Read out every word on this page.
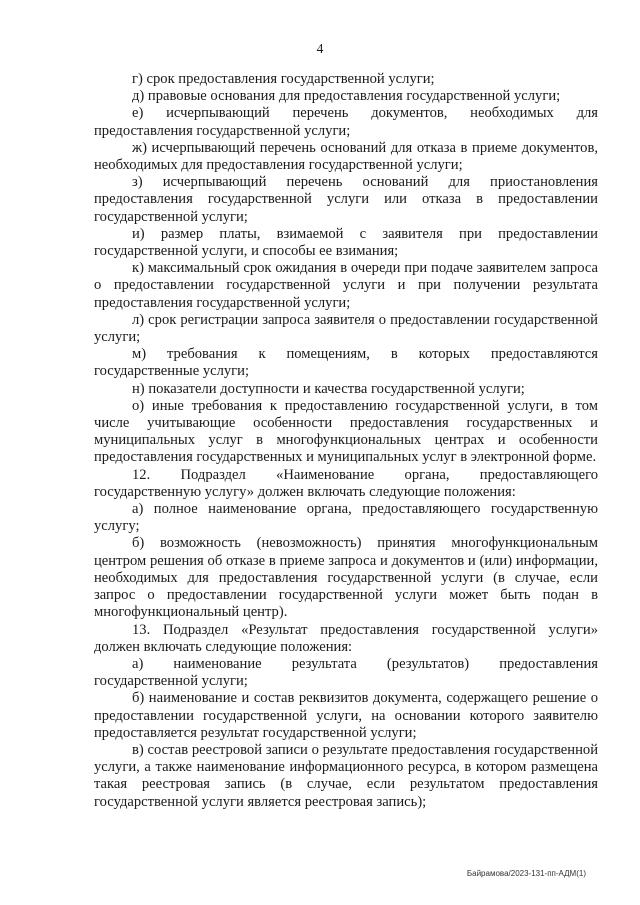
4

г) срок предоставления государственной услуги;

д) правовые основания для предоставления государственной услуги;

е) исчерпывающий перечень документов, необходимых для предоставления государственной услуги;

ж) исчерпывающий перечень оснований для отказа в приеме документов, необходимых для предоставления государственной услуги;

з) исчерпывающий перечень оснований для приостановления предоставления государственной услуги или отказа в предоставлении государственной услуги;

и) размер платы, взимаемой с заявителя при предоставлении государственной услуги, и способы ее взимания;

к) максимальный срок ожидания в очереди при подаче заявителем запроса о предоставлении государственной услуги и при получении результата предоставления государственной услуги;

л) срок регистрации запроса заявителя о предоставлении государственной услуги;

м) требования к помещениям, в которых предоставляются государственные услуги;

н) показатели доступности и качества государственной услуги;

о) иные требования к предоставлению государственной услуги, в том числе учитывающие особенности предоставления государственных и муниципальных услуг в многофункциональных центрах и особенности предоставления государственных и муниципальных услуг в электронной форме.

12. Подраздел «Наименование органа, предоставляющего государственную услугу» должен включать следующие положения:

а) полное наименование органа, предоставляющего государственную услугу;

б) возможность (невозможность) принятия многофункциональным центром решения об отказе в приеме запроса и документов и (или) информации, необходимых для предоставления государственной услуги (в случае, если запрос о предоставлении государственной услуги может быть подан в многофункциональный центр).

13. Подраздел «Результат предоставления государственной услуги» должен включать следующие положения:

а) наименование результата (результатов) предоставления государственной услуги;

б) наименование и состав реквизитов документа, содержащего решение о предоставлении государственной услуги, на основании которого заявителю предоставляется результат государственной услуги;

в) состав реестровой записи о результате предоставления государственной услуги, а также наименование информационного ресурса, в котором размещена такая реестровая запись (в случае, если результатом предоставления государственной услуги является реестровая запись);

Байрамова/2023-131-пп-АДМ(1)
